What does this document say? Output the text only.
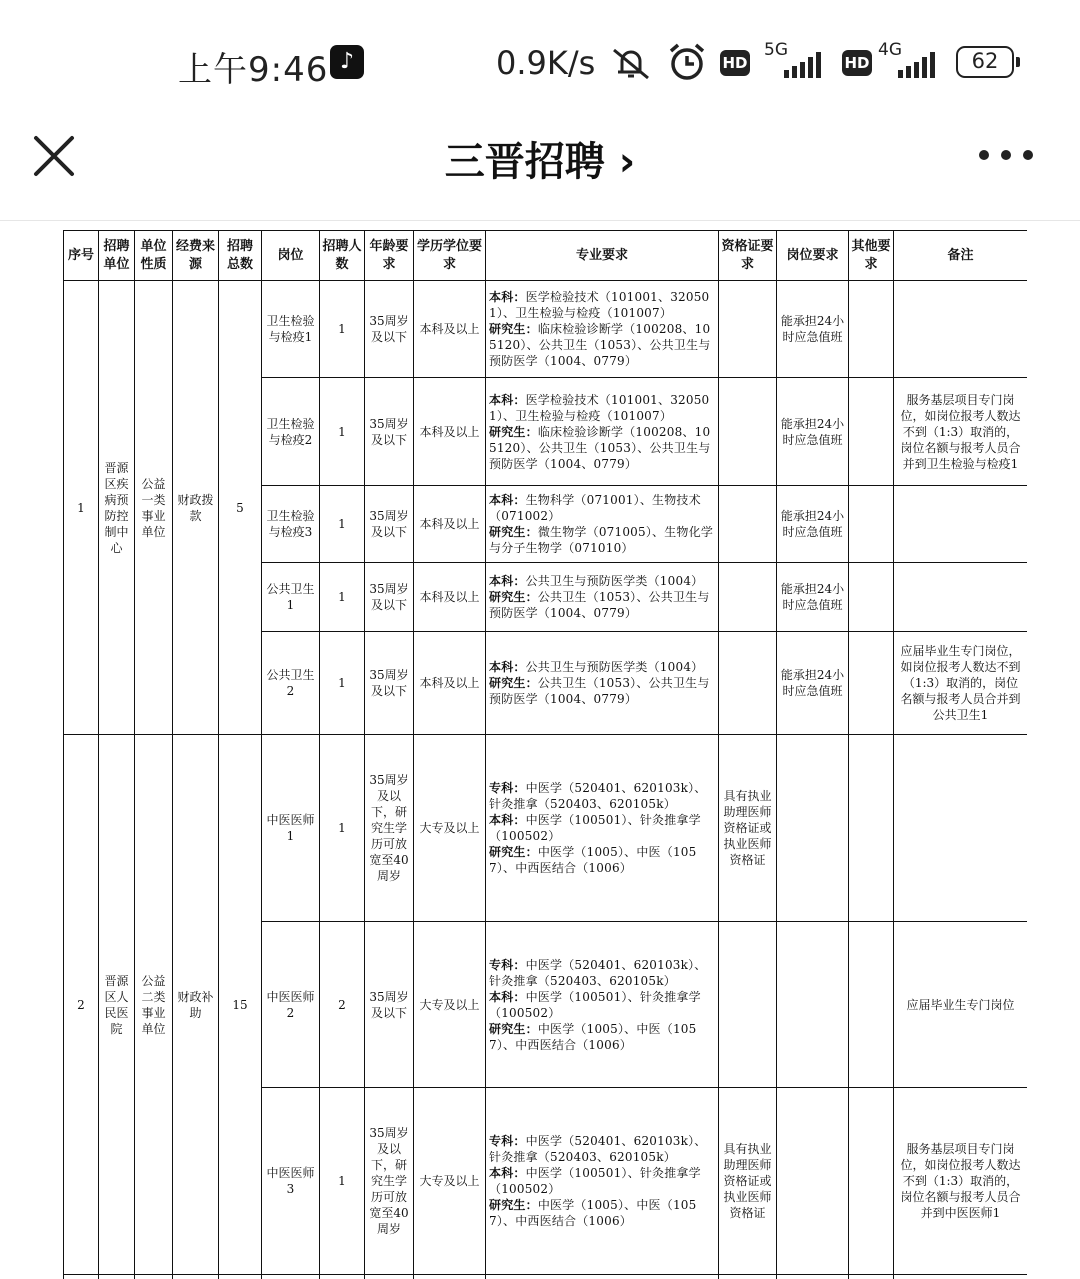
上午9:46 ♪	0.9K/s	HD
5G
HD
4G	62
三晋招聘 ›
序号	招聘单位	单位性质	经费来源	招聘总数	岗位	招聘人数	年龄要求	学历学位要求	专业要求	资格证要求	岗位要求	其他要求	备注
1	晋源区疾病预防控制中心	公益一类事业单位	财政拨款	5	卫生检验与检疫1	1	35周岁及以下	本科及以上	本科：医学检验技术（101001、320501）、卫生检验与检疫（101007）
研究生：临床检验诊断学（100208、105120）、公共卫生（1053）、公共卫生与预防医学（1004、0779）		能承担24小时应急值班		
					卫生检验与检疫2	1	35周岁及以下	本科及以上	本科：医学检验技术（101001、320501）、卫生检验与检疫（101007）
研究生：临床检验诊断学（100208、105120）、公共卫生（1053）、公共卫生与预防医学（1004、0779）		能承担24小时应急值班		服务基层项目专门岗位，如岗位报考人数达不到（1:3）取消的，岗位名额与报考人员合并到卫生检验与检疫1
					卫生检验与检疫3	1	35周岁及以下	本科及以上	本科：生物科学（071001）、生物技术（071002）
研究生：微生物学（071005）、生物化学与分子生物学（071010）		能承担24小时应急值班		
					公共卫生1	1	35周岁及以下	本科及以上	本科：公共卫生与预防医学类（1004）
研究生：公共卫生（1053）、公共卫生与预防医学（1004、0779）		能承担24小时应急值班		
					公共卫生2	1	35周岁及以下	本科及以上	本科：公共卫生与预防医学类（1004）
研究生：公共卫生（1053）、公共卫生与预防医学（1004、0779）		能承担24小时应急值班		应届毕业生专门岗位，如岗位报考人数达不到（1:3）取消的，岗位名额与报考人员合并到公共卫生1
2	晋源区人民医院	公益二类事业单位	财政补助	15	中医医师1	1	35周岁及以下，研究生学历可放宽至40周岁	大专及以上	专科：中医学（520401、620103k）、针灸推拿（520403、620105k）
本科：中医学（100501）、针灸推拿学（100502）
研究生：中医学（1005）、中医（1057）、中西医结合（1006）	具有执业助理医师资格证或执业医师资格证			
					中医医师2	2	35周岁及以下	大专及以上	专科：中医学（520401、620103k）、针灸推拿（520403、620105k）
本科：中医学（100501）、针灸推拿学（100502）
研究生：中医学（1005）、中医（1057）、中西医结合（1006）				应届毕业生专门岗位
					中医医师3	1	35周岁及以下，研究生学历可放宽至40周岁	大专及以上	专科：中医学（520401、620103k）、针灸推拿（520403、620105k）
本科：中医学（100501）、针灸推拿学（100502）
研究生：中医学（1005）、中医（1057）、中西医结合（1006）	具有执业助理医师资格证或执业医师资格证			服务基层项目专门岗位，如岗位报考人数达不到（1:3）取消的，岗位名额与报考人员合并到中医医师1
